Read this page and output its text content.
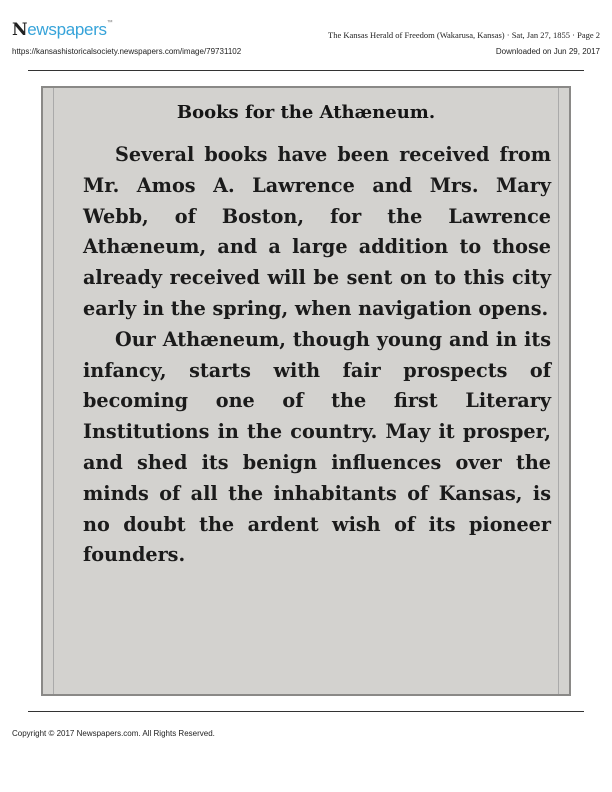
Newspapers™
The Kansas Herald of Freedom (Wakarusa, Kansas) · Sat, Jan 27, 1855 · Page 2
https://kansashistoricalsociety.newspapers.com/image/79731102	Downloaded on Jun 29, 2017
Books for the Athæneum.

Several books have been received from Mr. Amos A. Lawrence and Mrs. Mary Webb, of Boston, for the Lawrence Athæneum, and a large addition to those already received will be sent on to this city early in the spring, when navigation opens.

Our Athæneum, though young and in its infancy, starts with fair prospects of becoming one of the first Literary Institutions in the country. May it prosper, and shed its benign influences over the minds of all the inhabitants of Kansas, is no doubt the ardent wish of its pioneer founders.

Copyright © 2017 Newspapers.com. All Rights Reserved.
